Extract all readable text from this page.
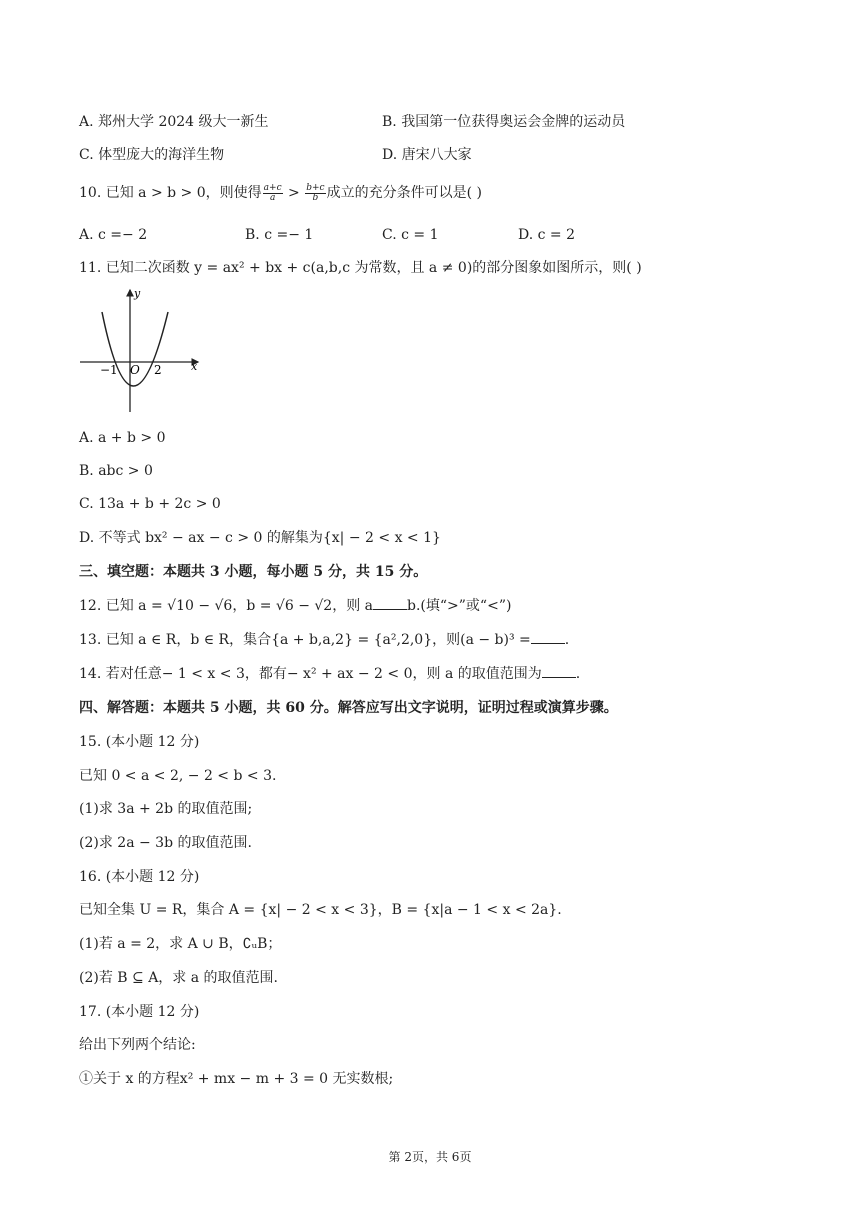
A. 郑州大学 2024 级大一新生	B. 我国第一位获得奥运会金牌的运动员
C. 体型庞大的海洋生物	D. 唐宋八大家
10. 已知 a > b > 0，则使得 $\frac{a+c}{a} > \frac{b+c}{b}$ 成立的充分条件可以是( )
A. c =− 2	B. c =− 1	C. c = 1	D. c = 2
11. 已知二次函数 y = ax² + bx + c(a,b,c 为常数，且 a ≠ 0)的部分图象如图所示，则( )
y
x
−1 O 2
A. a + b > 0
B. abc > 0
C. 13a + b + 2c > 0
D. 不等式 bx² − ax − c > 0 的解集为{x| − 2 < x < 1}
三、填空题：本题共 3 小题，每小题 5 分，共 15 分。
12. 已知 a = √10 − √6，b = √6 − √2，则 a b.(填“>”或“<”)
13. 已知 a ∈ R，b ∈ R，集合{a + b,a,2} = {a²,2,0}，则(a − b)³ = .
14. 若对任意− 1 < x < 3，都有− x² + ax − 2 < 0，则 a 的取值范围为 .
四、解答题：本题共 5 小题，共 60 分。解答应写出文字说明，证明过程或演算步骤。
15. (本小题 12 分)
已知 0 < a < 2, − 2 < b < 3.
(1)求 3a + 2b 的取值范围;
(2)求 2a − 3b 的取值范围.
16. (本小题 12 分)
已知全集 U = R，集合 A = {x| − 2 < x < 3}，B = {x|a − 1 < x < 2a}.
(1)若 a = 2，求 A ∪ B，∁ᵤB；
(2)若 B ⊆ A，求 a 的取值范围.
17. (本小题 12 分)
给出下列两个结论:
①关于 x 的方程x² + mx − m + 3 = 0 无实数根;
第 2页，共 6页
